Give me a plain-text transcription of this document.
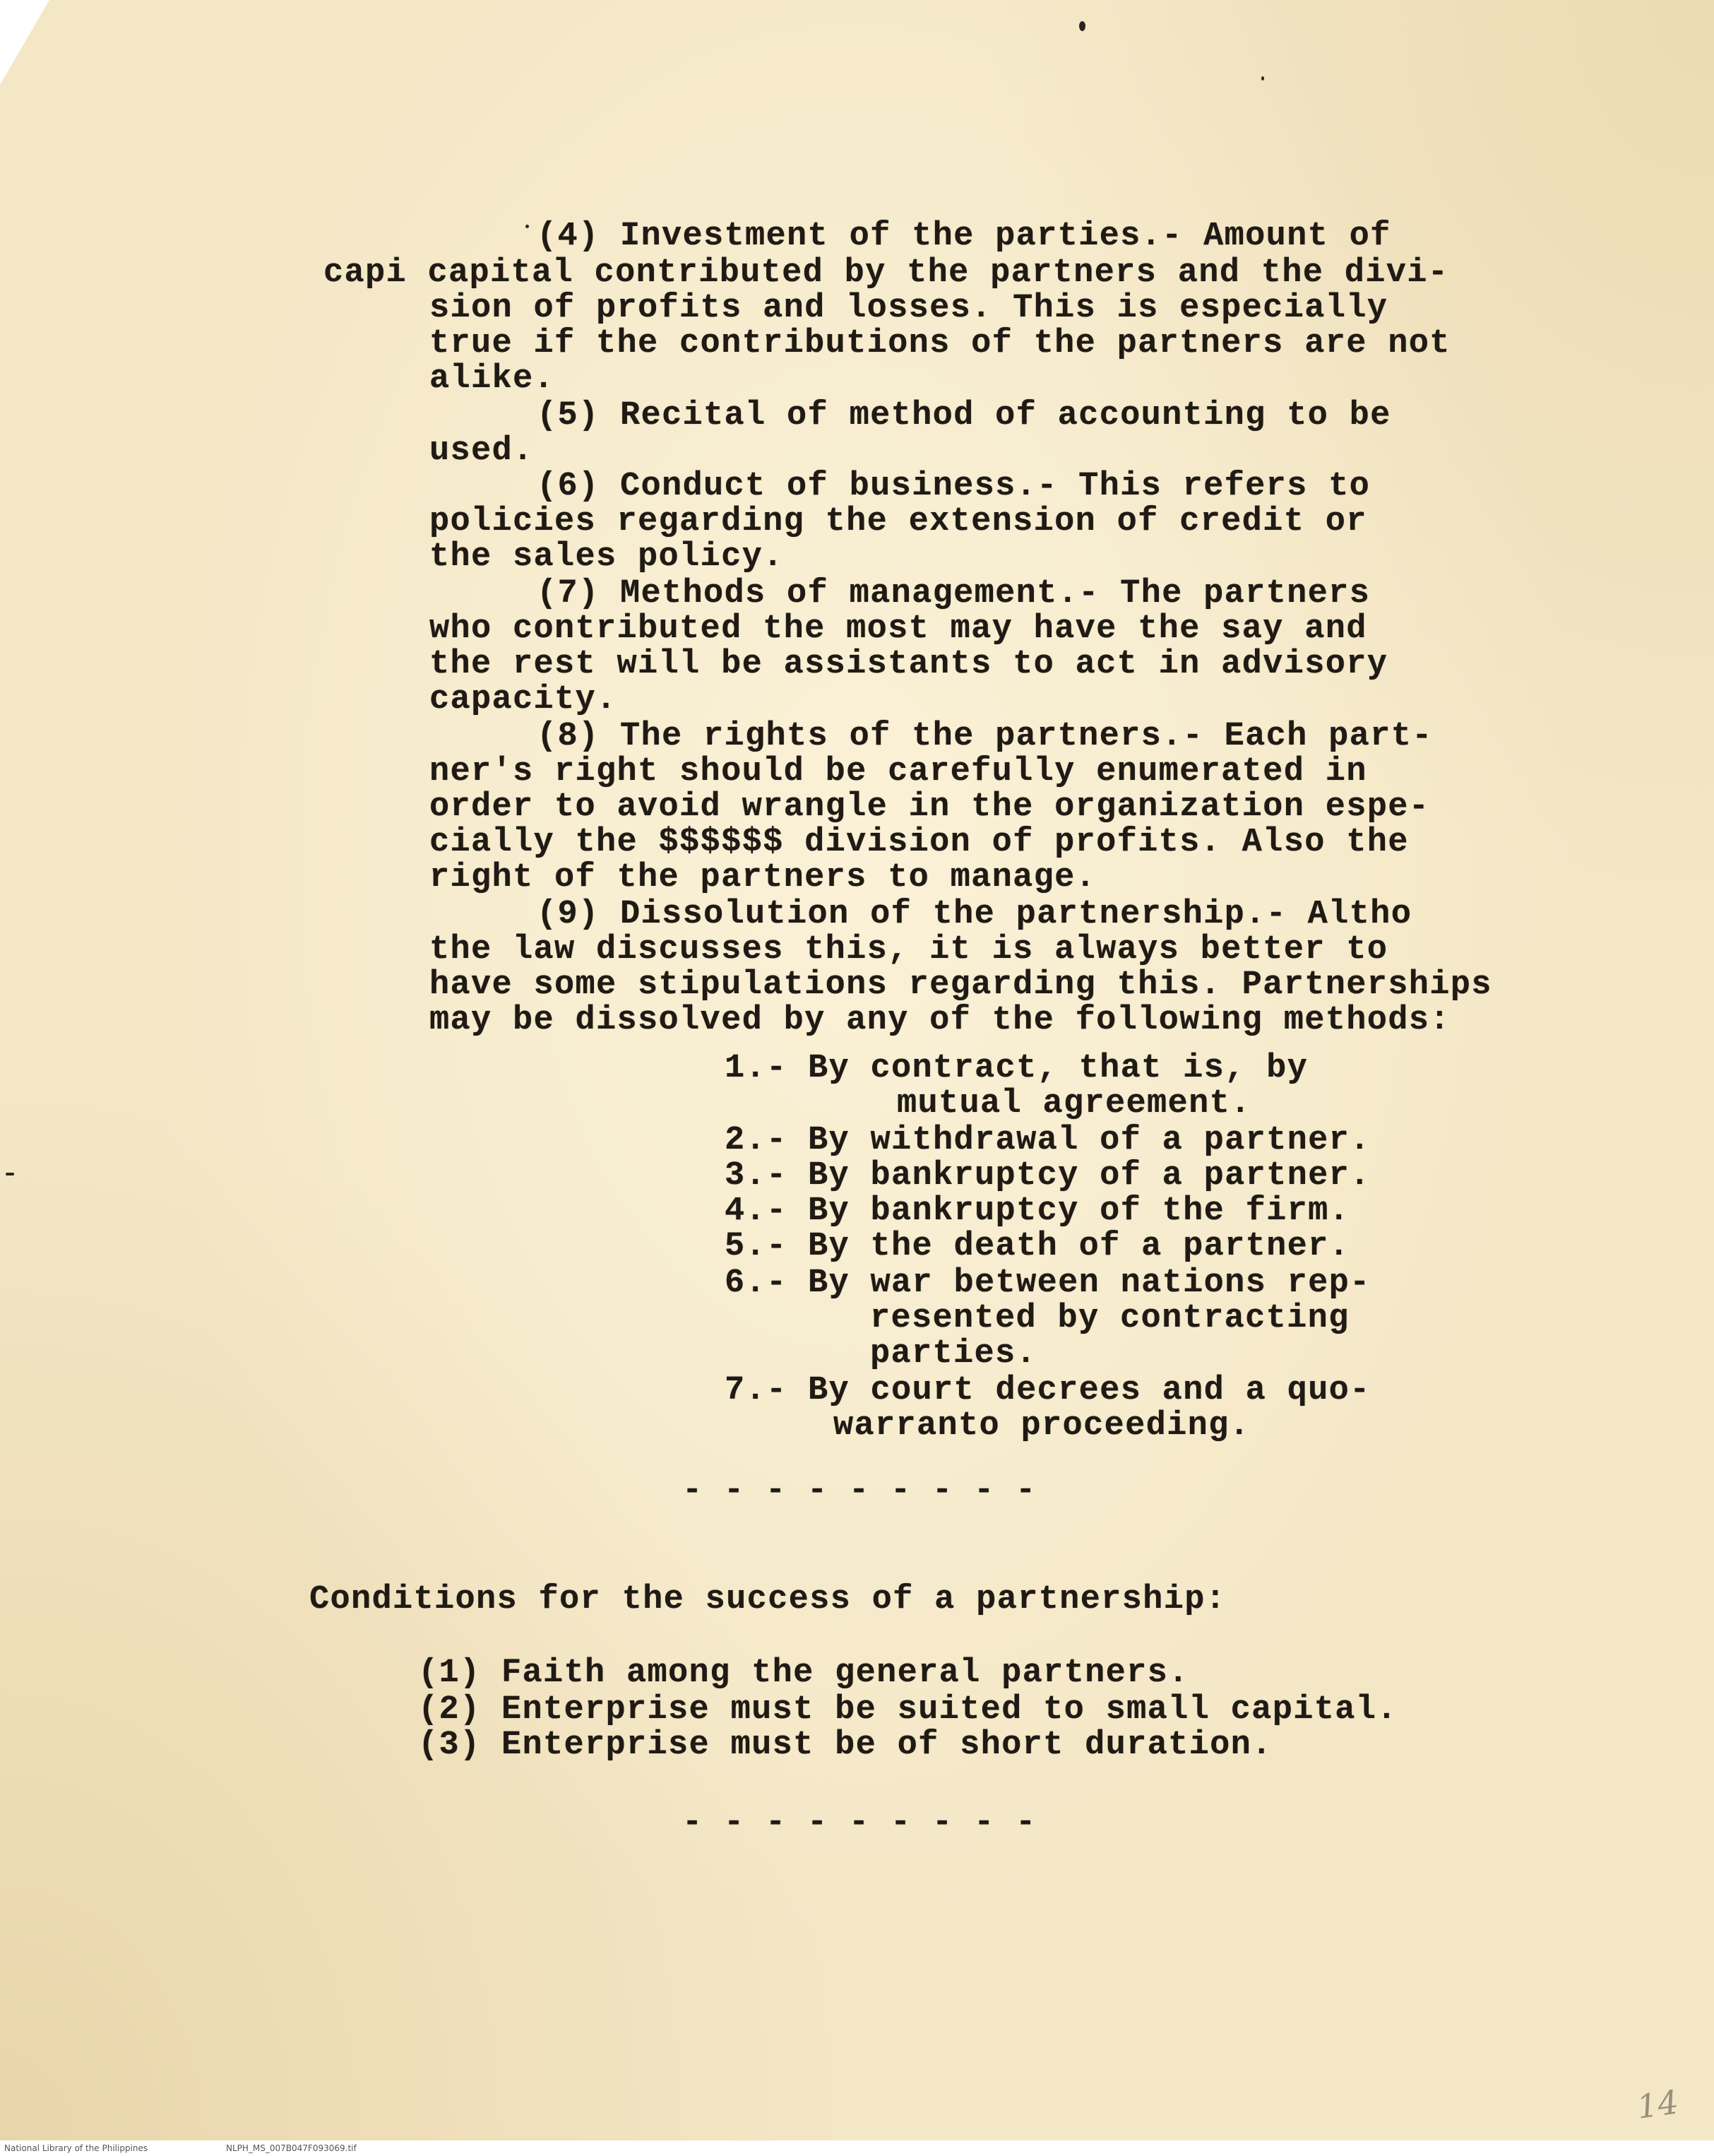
(4) Investment of the parties.- Amount of

capi capital contributed by the partners and the divi-

sion of profits and losses. This is especially

true if the contributions of the partners are not

alike.

(5) Recital of method of accounting to be

used.

(6) Conduct of business.- This refers to

policies regarding the extension of credit or

the sales policy.

(7) Methods of management.- The partners

who contributed the most may have the say and

the rest will be assistants to act in advisory

capacity.

(8) The rights of the partners.- Each part-

ner's right should be carefully enumerated in

order to avoid wrangle in the organization espe-

cially the $$$$$$ division of profits. Also the

right of the partners to manage.

(9) Dissolution of the partnership.- Altho

the law discusses this, it is always better to

have some stipulations regarding this. Partnerships

may be dissolved by any of the following methods:

1.- By contract, that is, by

mutual agreement.

2.- By withdrawal of a partner.

3.- By bankruptcy of a partner.

4.- By bankruptcy of the firm.

5.- By the death of a partner.

6.- By war between nations rep-

resented by contracting

parties.

7.- By court decrees and a quo-

warranto proceeding.

- - - - - - - - -
Conditions for the success of a partnership:

(1) Faith among the general partners.

(2) Enterprise must be suited to small capital.

(3) Enterprise must be of short duration.

- - - - - - - - -
14
National Library of the Philippines	NLPH_MS_007B047F093069.tif
